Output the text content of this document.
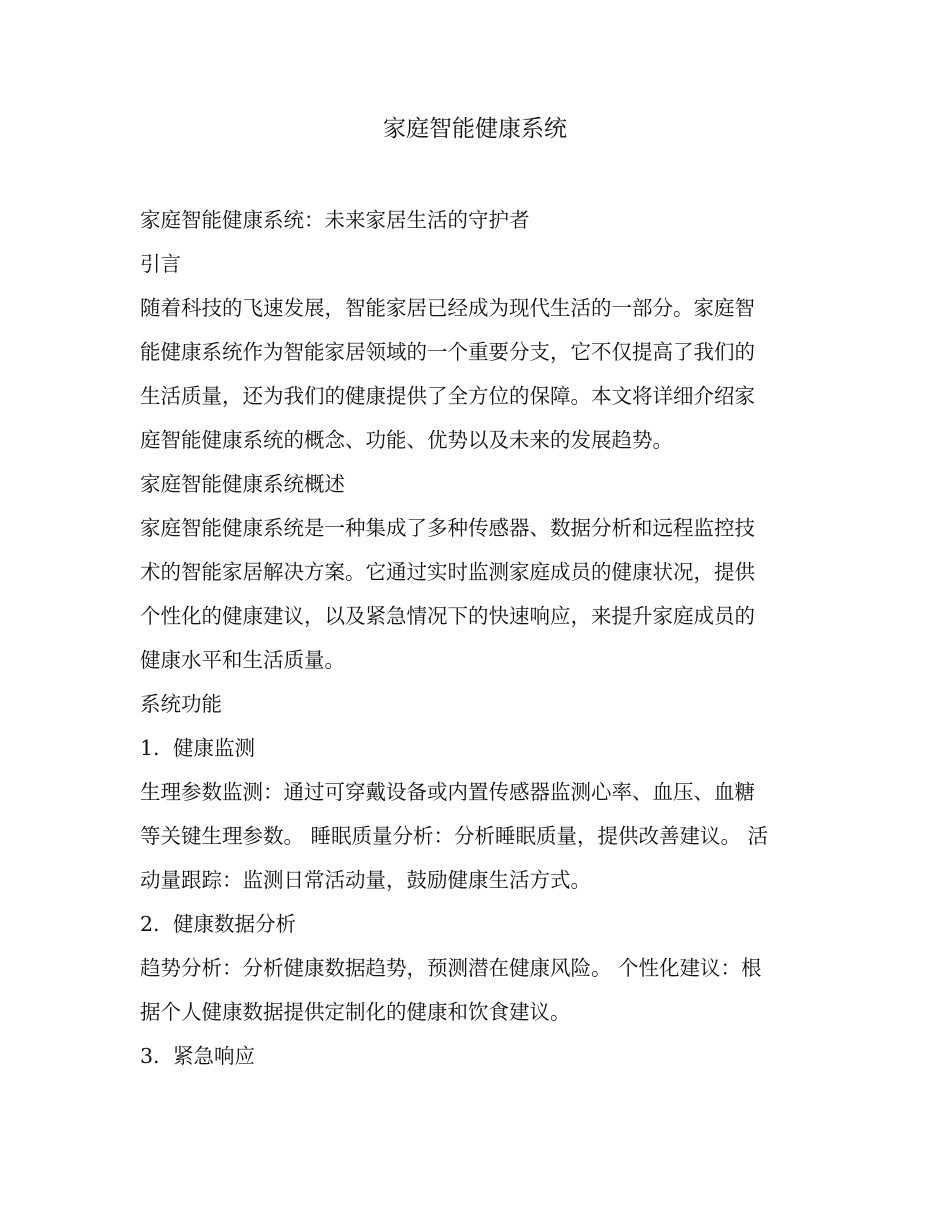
家庭智能健康系统

家庭智能健康系统：未来家居生活的守护者

引言

随着科技的飞速发展，智能家居已经成为现代生活的一部分。家庭智
能健康系统作为智能家居领域的一个重要分支，它不仅提高了我们的
生活质量，还为我们的健康提供了全方位的保障。本文将详细介绍家
庭智能健康系统的概念、功能、优势以及未来的发展趋势。

家庭智能健康系统概述

家庭智能健康系统是一种集成了多种传感器、数据分析和远程监控技
术的智能家居解决方案。它通过实时监测家庭成员的健康状况，提供
个性化的健康建议，以及紧急情况下的快速响应，来提升家庭成员的
健康水平和生活质量。

系统功能

1. 健康监测

生理参数监测：通过可穿戴设备或内置传感器监测心率、血压、血糖
等关键生理参数。 睡眠质量分析：分析睡眠质量，提供改善建议。 活
动量跟踪：监测日常活动量，鼓励健康生活方式。

2. 健康数据分析

趋势分析：分析健康数据趋势，预测潜在健康风险。 个性化建议：根
据个人健康数据提供定制化的健康和饮食建议。

3. 紧急响应
